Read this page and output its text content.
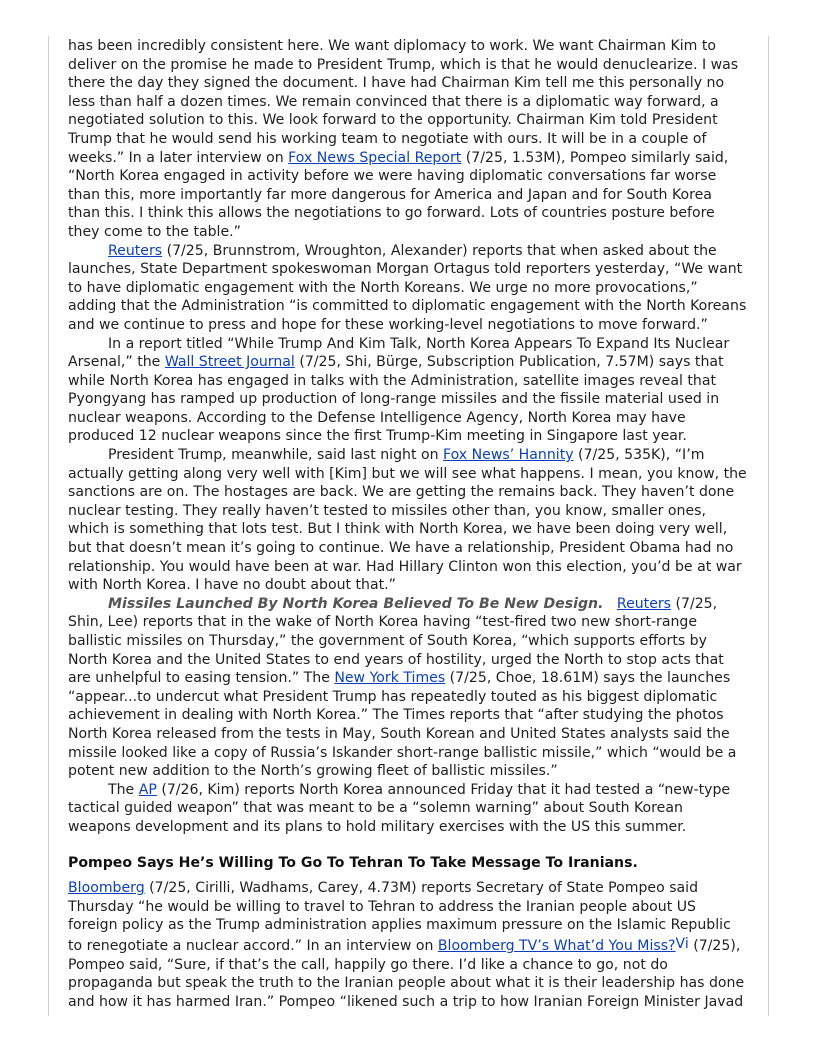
has been incredibly consistent here. We want diplomacy to work. We want Chairman Kim to deliver on the promise he made to President Trump, which is that he would denuclearize. I was there the day they signed the document. I have had Chairman Kim tell me this personally no less than half a dozen times. We remain convinced that there is a diplomatic way forward, a negotiated solution to this. We look forward to the opportunity. Chairman Kim told President Trump that he would send his working team to negotiate with ours. It will be in a couple of weeks.” In a later interview on Fox News Special Report (7/25, 1.53M), Pompeo similarly said, “North Korea engaged in activity before we were having diplomatic conversations far worse than this, more importantly far more dangerous for America and Japan and for South Korea than this. I think this allows the negotiations to go forward. Lots of countries posture before they come to the table.”

Reuters (7/25, Brunnstrom, Wroughton, Alexander) reports that when asked about the launches, State Department spokeswoman Morgan Ortagus told reporters yesterday, “We want to have diplomatic engagement with the North Koreans. We urge no more provocations,” adding that the Administration “is committed to diplomatic engagement with the North Koreans and we continue to press and hope for these working-level negotiations to move forward.”

In a report titled “While Trump And Kim Talk, North Korea Appears To Expand Its Nuclear Arsenal,” the Wall Street Journal (7/25, Shi, Bürge, Subscription Publication, 7.57M) says that while North Korea has engaged in talks with the Administration, satellite images reveal that Pyongyang has ramped up production of long-range missiles and the fissile material used in nuclear weapons. According to the Defense Intelligence Agency, North Korea may have produced 12 nuclear weapons since the first Trump-Kim meeting in Singapore last year.

President Trump, meanwhile, said last night on Fox News’ Hannity (7/25, 535K), “I’m actually getting along very well with [Kim] but we will see what happens. I mean, you know, the sanctions are on. The hostages are back. We are getting the remains back. They haven’t done nuclear testing. They really haven’t tested to missiles other than, you know, smaller ones, which is something that lots test. But I think with North Korea, we have been doing very well, but that doesn’t mean it’s going to continue. We have a relationship, President Obama had no relationship. You would have been at war. Had Hillary Clinton won this election, you’d be at war with North Korea. I have no doubt about that.”

Missiles Launched By North Korea Believed To Be New Design. Reuters (7/25, Shin, Lee) reports that in the wake of North Korea having “test-fired two new short-range ballistic missiles on Thursday,” the government of South Korea, “which supports efforts by North Korea and the United States to end years of hostility, urged the North to stop acts that are unhelpful to easing tension.” The New York Times (7/25, Choe, 18.61M) says the launches “appear...to undercut what President Trump has repeatedly touted as his biggest diplomatic achievement in dealing with North Korea.” The Times reports that “after studying the photos North Korea released from the tests in May, South Korean and United States analysts said the missile looked like a copy of Russia’s Iskander short-range ballistic missile,” which “would be a potent new addition to the North’s growing fleet of ballistic missiles.”

The AP (7/26, Kim) reports North Korea announced Friday that it had tested a “new-type tactical guided weapon” that was meant to be a “solemn warning” about South Korean weapons development and its plans to hold military exercises with the US this summer.

Pompeo Says He’s Willing To Go To Tehran To Take Message To Iranians.

Bloomberg (7/25, Cirilli, Wadhams, Carey, 4.73M) reports Secretary of State Pompeo said Thursday “he would be willing to travel to Tehran to address the Iranian people about US foreign policy as the Trump administration applies maximum pressure on the Islamic Republic to renegotiate a nuclear accord.” In an interview on Bloomberg TV’s What’d You Miss?$^{Vi}$ (7/25), Pompeo said, “Sure, if that’s the call, happily go there. I’d like a chance to go, not do propaganda but speak the truth to the Iranian people about what it is their leadership has done and how it has harmed Iran.” Pompeo “likened such a trip to how Iranian Foreign Minister Javad
